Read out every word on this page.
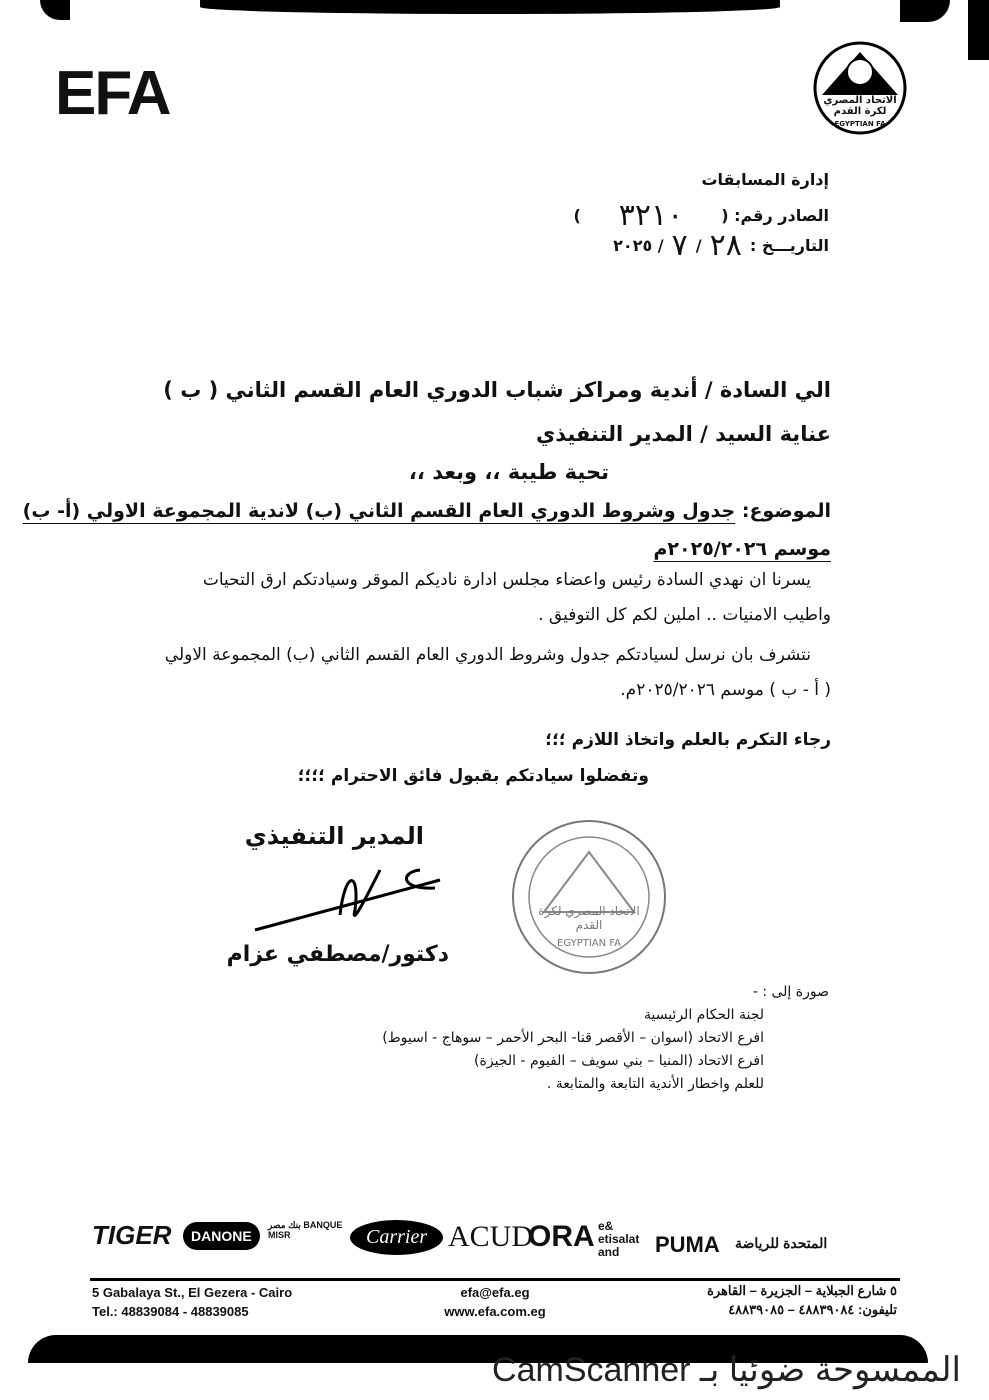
الممسوحة ضوئيا بـ CamScanner
EFA	الاتحاد المصري لكرة القدم
EGYPTIAN FA
إدارة المسابقات
الصادر رقم: (
٣٢١٠
)
التاريـــخ :
٢٨
/
٧
/ ٢٠٢٥
الي السادة / أندية ومراكز شباب الدوري العام القسم الثاني ( ب )
عناية السيد / المدير التنفيذي
تحية طيبة ،، وبعد ،،
الموضوع: جدول وشروط الدوري العام القسم الثاني (ب) لاندية المجموعة الاولي (أ- ب)
موسم ٢٠٢٥/٢٠٢٦م
يسرنا ان نهدي السادة رئيس واعضاء مجلس ادارة ناديكم الموقر وسيادتكم ارق التحيات
واطيب الامنيات .. املين لكم كل التوفيق .
نتشرف بان نرسل لسيادتكم جدول وشروط الدوري العام القسم الثاني (ب) المجموعة الاولي
( أ - ب ) موسم ٢٠٢٥/٢٠٢٦م.
رجاء التكرم بالعلم واتخاذ اللازم ؛؛؛
وتفضلوا سيادتكم بقبول فائق الاحترام ؛؛؛؛
المدير التنفيذي
دكتور/مصطفي عزام
الاتحاد المصري لكرة القدم
EGYPTIAN FA
صورة إلى : -
لجنة الحكام الرئيسية
افرع الاتحاد (اسوان – الأقصر قنا- البحر الأحمر – سوهاج - اسيوط)
افرع الاتحاد (المنيا – بني سويف – الفيوم - الجيزة)
للعلم واخطار الأندية التابعة والمتابعة .
TIGER	DANONE
بنك مصر BANQUE MISR	Carrier ACUD
ORA e& etisalat and	PUMA المتحدة للرياضة
5 Gabalaya St., El Gezera - Cairo
Tel.: 48839084 - 48839085
efa@efa.eg
www.efa.com.eg
٥ شارع الجبلاية – الجزيرة – القاهرة
تليفون: ٤٨٨٣٩٠٨٤ – ٤٨٨٣٩٠٨٥
